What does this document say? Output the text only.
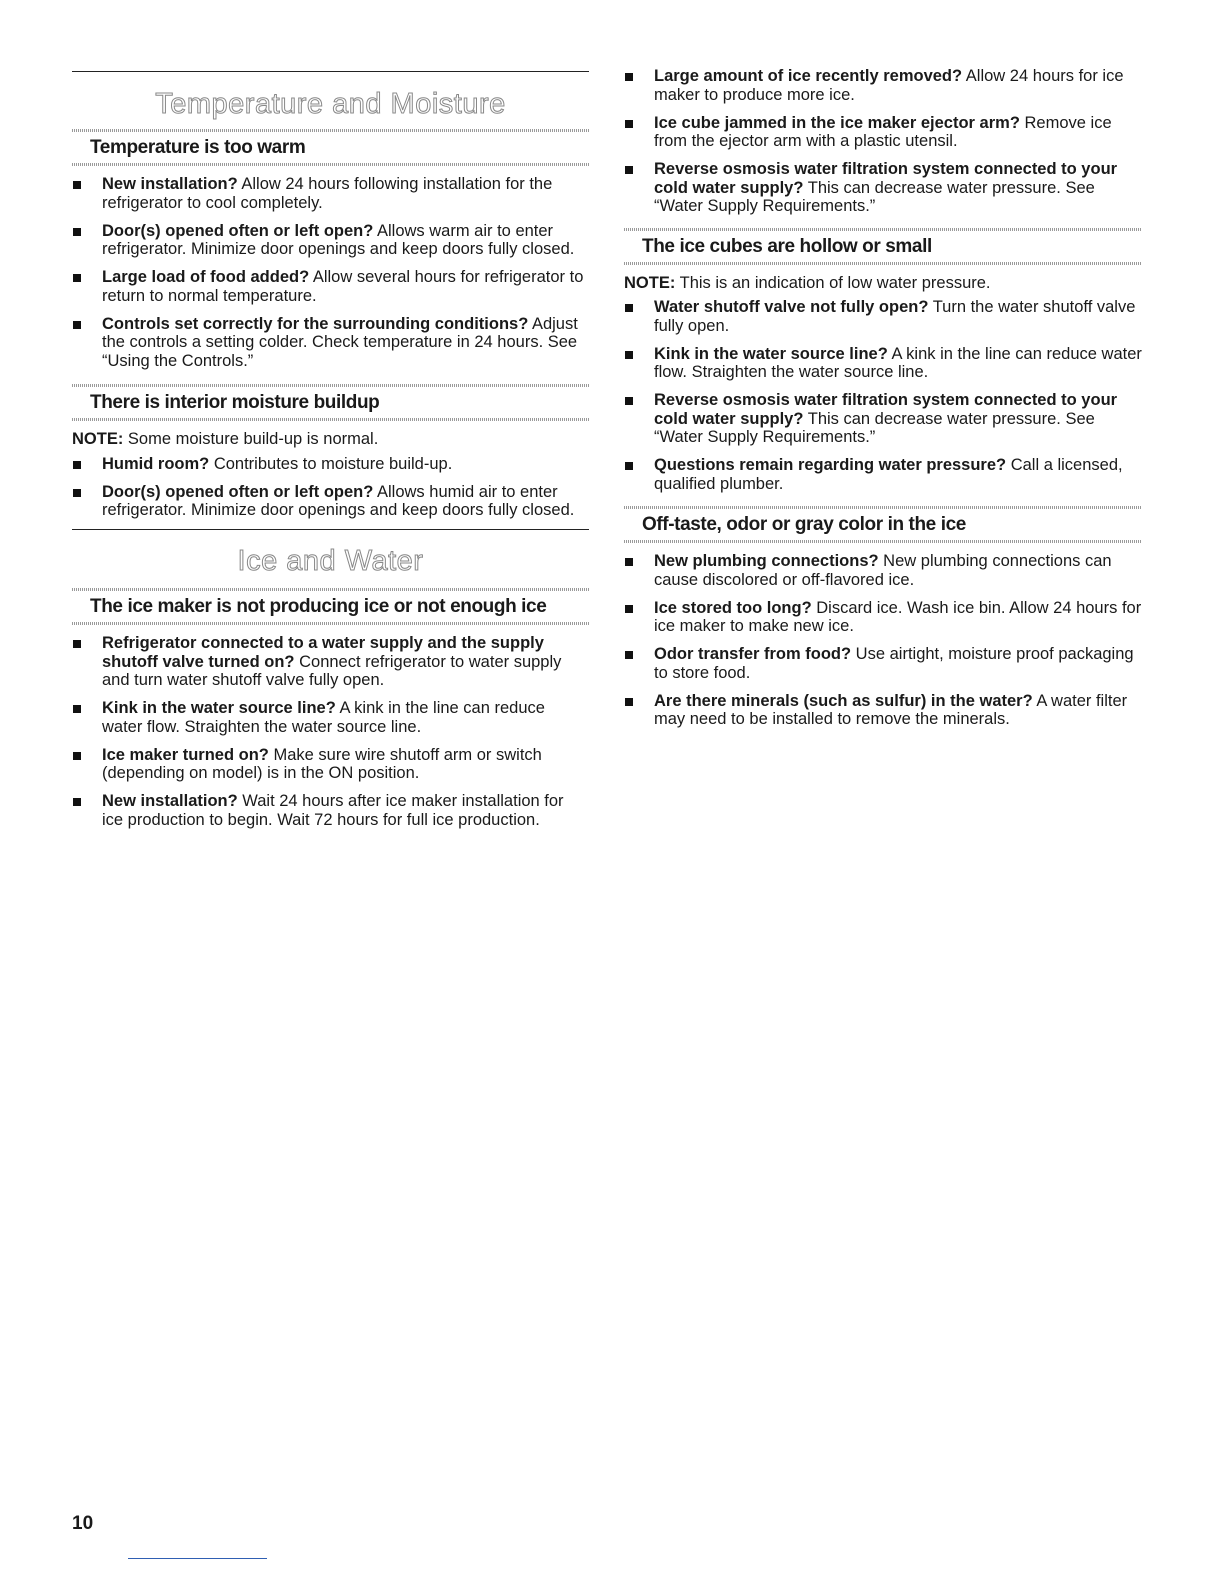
Temperature and Moisture
Temperature is too warm
New installation? Allow 24 hours following installation for the refrigerator to cool completely.
Door(s) opened often or left open? Allows warm air to enter refrigerator. Minimize door openings and keep doors fully closed.
Large load of food added? Allow several hours for refrigerator to return to normal temperature.
Controls set correctly for the surrounding conditions? Adjust the controls a setting colder. Check temperature in 24 hours. See “Using the Controls.”
There is interior moisture buildup

NOTE: Some moisture build-up is normal.

Humid room? Contributes to moisture build-up.
Door(s) opened often or left open? Allows humid air to enter refrigerator. Minimize door openings and keep doors fully closed.
Ice and Water
The ice maker is not producing ice or not enough ice
Refrigerator connected to a water supply and the supply shutoff valve turned on? Connect refrigerator to water supply and turn water shutoff valve fully open.
Kink in the water source line? A kink in the line can reduce water flow. Straighten the water source line.
Ice maker turned on? Make sure wire shutoff arm or switch (depending on model) is in the ON position.
New installation? Wait 24 hours after ice maker installation for ice production to begin. Wait 72 hours for full ice production.
Large amount of ice recently removed? Allow 24 hours for ice maker to produce more ice.
Ice cube jammed in the ice maker ejector arm? Remove ice from the ejector arm with a plastic utensil.
Reverse osmosis water filtration system connected to your cold water supply? This can decrease water pressure. See “Water Supply Requirements.”
The ice cubes are hollow or small

NOTE: This is an indication of low water pressure.

Water shutoff valve not fully open? Turn the water shutoff valve fully open.
Kink in the water source line? A kink in the line can reduce water flow. Straighten the water source line.
Reverse osmosis water filtration system connected to your cold water supply? This can decrease water pressure. See “Water Supply Requirements.”
Questions remain regarding water pressure? Call a licensed, qualified plumber.
Off-taste, odor or gray color in the ice
New plumbing connections? New plumbing connections can cause discolored or off-flavored ice.
Ice stored too long? Discard ice. Wash ice bin. Allow 24 hours for ice maker to make new ice.
Odor transfer from food? Use airtight, moisture proof packaging to store food.
Are there minerals (such as sulfur) in the water? A water filter may need to be installed to remove the minerals.
10
